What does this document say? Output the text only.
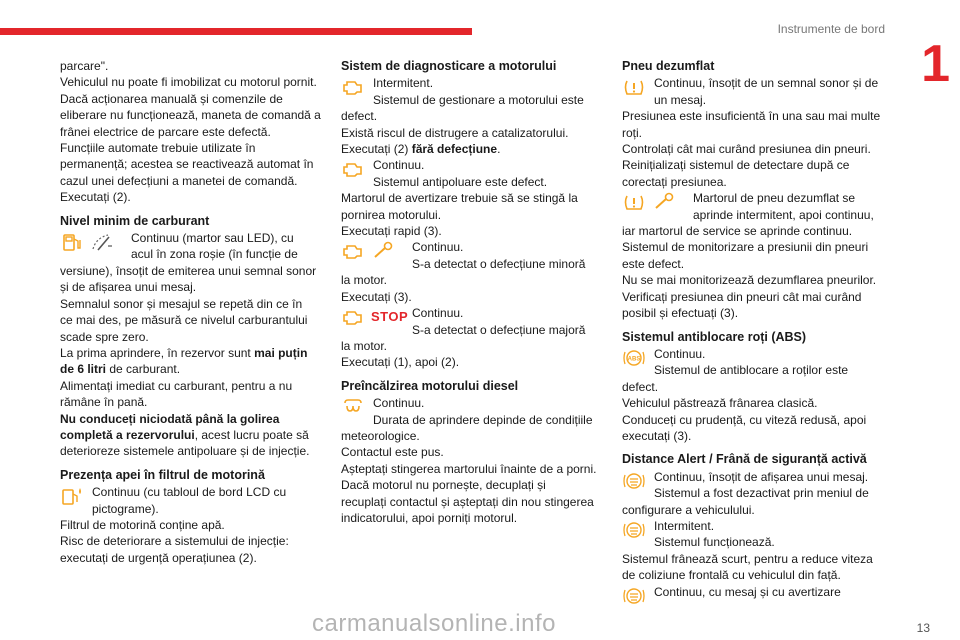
Instrumente de bord
1

parcare".

Vehiculul nu poate fi imobilizat cu motorul pornit.

Dacă acționarea manuală și comenzile de

eliberare nu funcționează, maneta de comandă a

frânei electrice de parcare este defectă.

Funcțiile automate trebuie utilizate în

permanență; acestea se reactivează automat în

cazul unei defecțiuni a manetei de comandă.

Executați (2).

Nivel minim de carburant

Continuu (martor sau LED), cu

acul în zona roșie (în funcție de

versiune), însoțit de emiterea unui semnal sonor

și de afișarea unui mesaj.

Semnalul sonor și mesajul se repetă din ce în

ce mai des, pe măsură ce nivelul carburantului

scade spre zero.

La prima aprindere, în rezervor sunt mai puțin

de 6 litri de carburant.

Alimentați imediat cu carburant, pentru a nu

rămâne în pană.

Nu conduceți niciodată până la golirea

completă a rezervorului, acest lucru poate să

deterioreze sistemele antipoluare și de injecție.

Prezența apei în filtrul de motorină

Continuu (cu tabloul de bord LCD cu

pictograme).

Filtrul de motorină conține apă.

Risc de deteriorare a sistemului de injecție:

executați de urgență operațiunea (2).

Sistem de diagnosticare a motorului

Intermitent.

Sistemul de gestionare a motorului este

defect.

Există riscul de distrugere a catalizatorului.

Executați (2) fără defecțiune.

Continuu.

Sistemul antipoluare este defect.

Martorul de avertizare trebuie să se stingă la

pornirea motorului.

Executați rapid (3).

Continuu.

S-a detectat o defecțiune minoră

la motor.

Executați (3).

STOP Continuu.

S-a detectat o defecțiune majoră

la motor.

Executați (1), apoi (2).

Preîncălzirea motorului diesel

Continuu.

Durata de aprindere depinde de condițiile

meteorologice.

Contactul este pus.

Așteptați stingerea martorului înainte de a porni.

Dacă motorul nu pornește, decuplați și

recuplați contactul și așteptați din nou stingerea

indicatorului, apoi porniți motorul.

Pneu dezumflat

Continuu, însoțit de un semnal sonor și de

un mesaj.

Presiunea este insuficientă în una sau mai multe

roți.

Controlați cât mai curând presiunea din pneuri.

Reinițializați sistemul de detectare după ce

corectați presiunea.

Martorul de pneu dezumflat se

aprinde intermitent, apoi continuu,

iar martorul de service se aprinde continuu.

Sistemul de monitorizare a presiunii din pneuri

este defect.

Nu se mai monitorizează dezumflarea pneurilor.

Verificați presiunea din pneuri cât mai curând

posibil și efectuați (3).

Sistemul antiblocare roți (ABS)

ABS Continuu.

Sistemul de antiblocare a roților este

defect.

Vehiculul păstrează frânarea clasică.

Conduceți cu prudență, cu viteză redusă, apoi

executați (3).

Distance Alert / Frână de siguranță activă

Continuu, însoțit de afișarea unui mesaj.

Sistemul a fost dezactivat prin meniul de

configurare a vehiculului.

Intermitent.

Sistemul funcționează.

Sistemul frânează scurt, pentru a reduce viteza

de coliziune frontală cu vehiculul din față.

Continuu, cu mesaj și cu avertizare

carmanualsonline.info	13
